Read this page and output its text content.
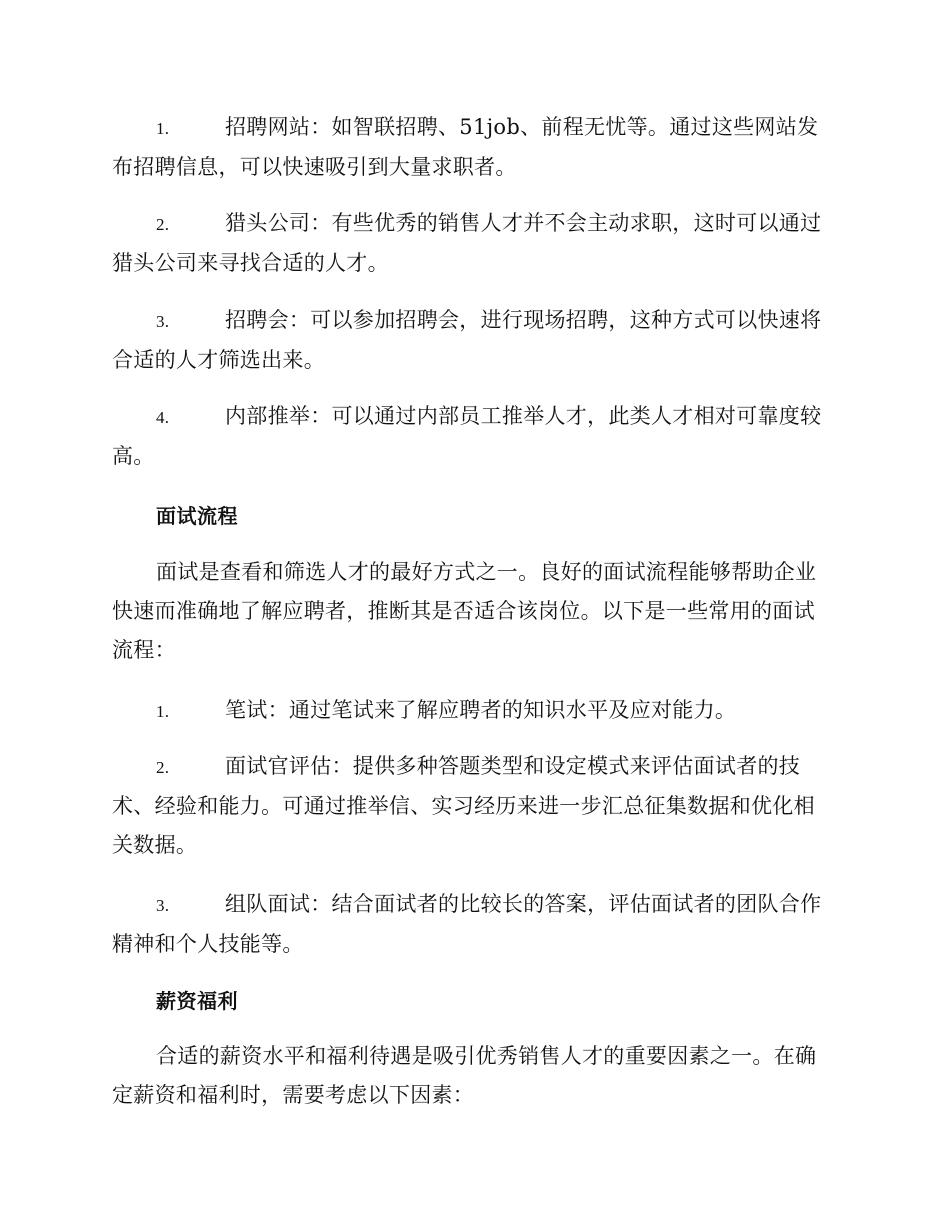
1.	招聘网站：如智联招聘、51job、前程无忧等。通过这些网站发布招聘信息，可以快速吸引到大量求职者。

2.	猎头公司：有些优秀的销售人才并不会主动求职，这时可以通过猎头公司来寻找合适的人才。

3.	招聘会：可以参加招聘会，进行现场招聘，这种方式可以快速将合适的人才筛选出来。

4.	内部推举：可以通过内部员工推举人才，此类人才相对可靠度较高。

面试流程

面试是查看和筛选人才的最好方式之一。良好的面试流程能够帮助企业快速而准确地了解应聘者，推断其是否适合该岗位。以下是一些常用的面试流程：

1.	笔试：通过笔试来了解应聘者的知识水平及应对能力。

2.	面试官评估：提供多种答题类型和设定模式来评估面试者的技术、经验和能力。可通过推举信、实习经历来进一步汇总征集数据和优化相关数据。

3.	组队面试：结合面试者的比较长的答案，评估面试者的团队合作精神和个人技能等。

薪资福利

合适的薪资水平和福利待遇是吸引优秀销售人才的重要因素之一。在确定薪资和福利时，需要考虑以下因素：
